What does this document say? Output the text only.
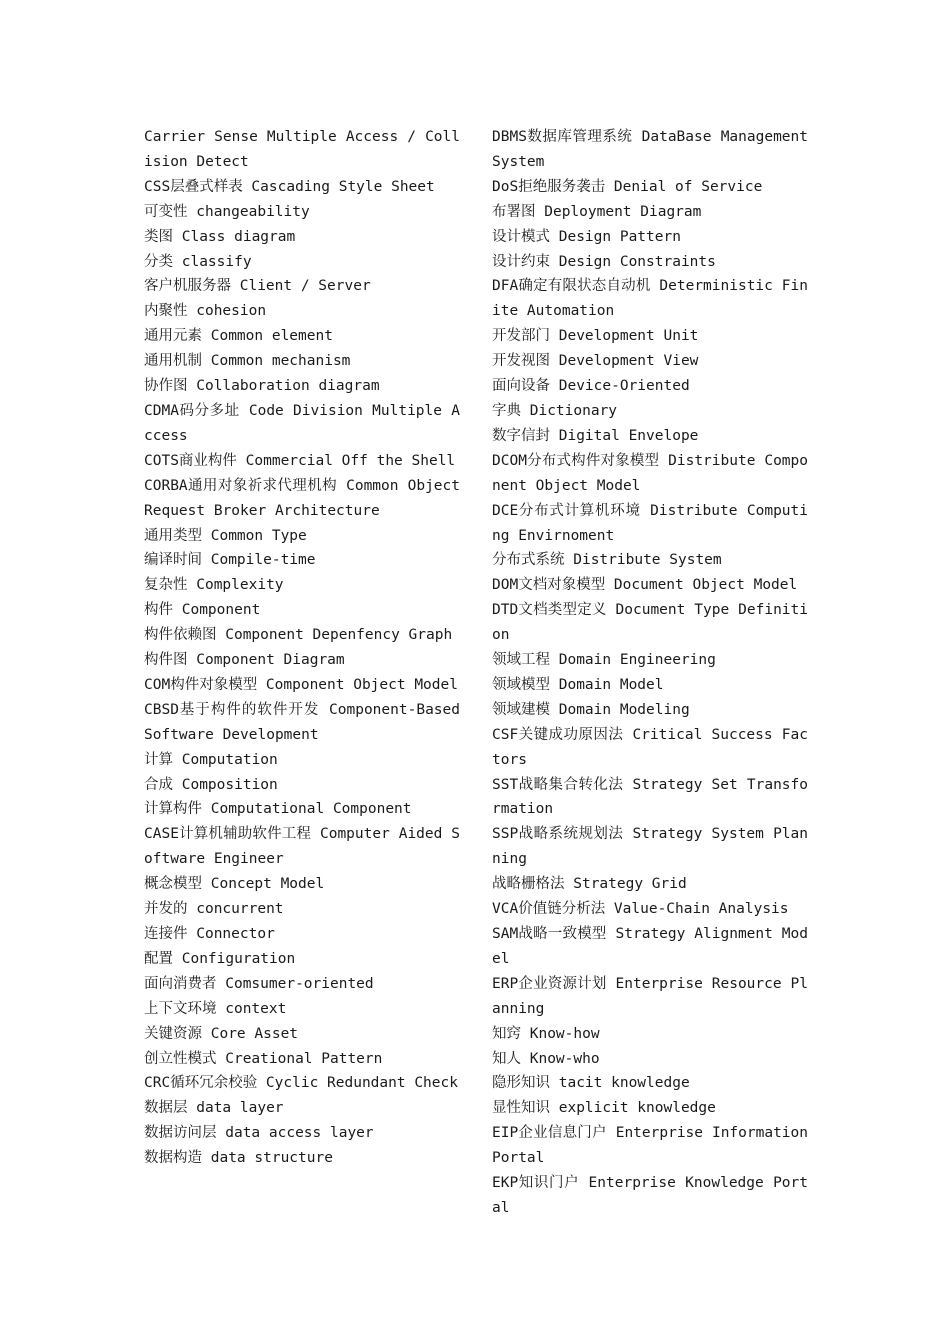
Carrier Sense Multiple Access / Collision Detect
CSS层叠式样表 Cascading Style Sheet
可变性 changeability
类图 Class diagram
分类 classify
客户机服务器 Client / Server
内聚性 cohesion
通用元素 Common element
通用机制 Common mechanism
协作图 Collaboration diagram
CDMA码分多址 Code Division Multiple Access
COTS商业构件 Commercial Off the Shell
CORBA通用对象祈求代理机构 Common Object Request Broker Architecture
通用类型 Common Type
编译时间 Compile-time
复杂性 Complexity
构件 Component
构件依赖图 Component Depenfency Graph
构件图 Component Diagram
COM构件对象模型 Component Object Model
CBSD基于构件的软件开发 Component-Based Software Development
计算 Computation
合成 Composition
计算构件 Computational Component
CASE计算机辅助软件工程 Computer Aided Software Engineer
概念模型 Concept Model
并发的 concurrent
连接件 Connector
配置 Configuration
面向消费者 Comsumer-oriented
上下文环境 context
关键资源 Core Asset
创立性模式 Creational Pattern
CRC循环冗余校验 Cyclic Redundant Check
数据层 data layer
数据访问层 data access layer
数据构造 data structure
DBMS数据库管理系统 DataBase Management System
DoS拒绝服务袭击 Denial of Service
布署图 Deployment Diagram
设计模式 Design Pattern
设计约束 Design Constraints
DFA确定有限状态自动机 Deterministic Finite Automation
开发部门 Development Unit
开发视图 Development View
面向设备 Device-Oriented
字典 Dictionary
数字信封 Digital Envelope
DCOM分布式构件对象模型 Distribute Component Object Model
DCE分布式计算机环境 Distribute Computing Envirnoment
分布式系统 Distribute System
DOM文档对象模型 Document Object Model
DTD文档类型定义 Document Type Definition
领域工程 Domain Engineering
领域模型 Domain Model
领域建模 Domain Modeling
CSF关键成功原因法 Critical Success Factors
SST战略集合转化法 Strategy Set Transformation
SSP战略系统规划法 Strategy System Planning
战略栅格法 Strategy Grid
VCA价值链分析法 Value-Chain Analysis
SAM战略一致模型 Strategy Alignment Model
ERP企业资源计划 Enterprise Resource Planning
知窍 Know-how
知人 Know-who
隐形知识 tacit knowledge
显性知识 explicit knowledge
EIP企业信息门户 Enterprise Information Portal
EKP知识门户 Enterprise Knowledge Portal
